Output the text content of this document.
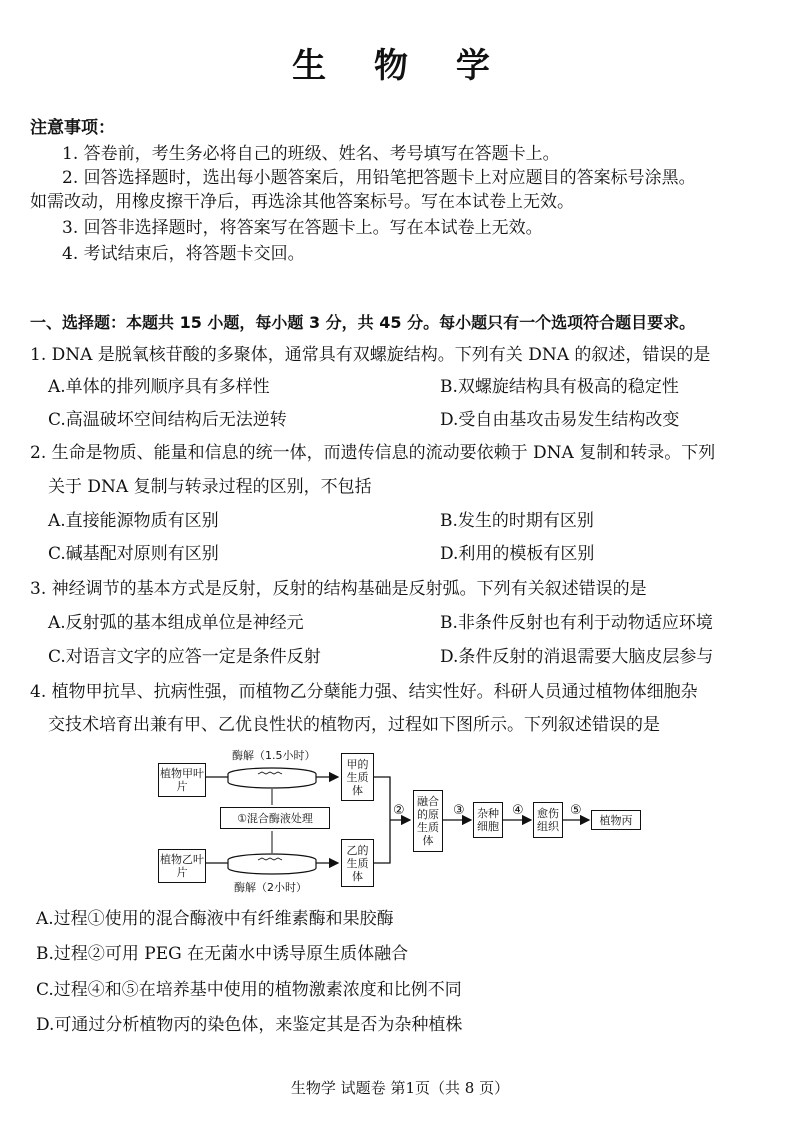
生 物 学
注意事项：
1. 答卷前，考生务必将自己的班级、姓名、考号填写在答题卡上。
2. 回答选择题时，选出每小题答案后，用铅笔把答题卡上对应题目的答案标号涂黑。
如需改动，用橡皮擦干净后，再选涂其他答案标号。写在本试卷上无效。
3. 回答非选择题时，将答案写在答题卡上。写在本试卷上无效。
4. 考试结束后，将答题卡交回。
一、选择题：本题共 15 小题，每小题 3 分，共 45 分。每小题只有一个选项符合题目要求。
1. DNA 是脱氧核苷酸的多聚体，通常具有双螺旋结构。下列有关 DNA 的叙述，错误的是
A.单体的排列顺序具有多样性	B.双螺旋结构具有极高的稳定性
C.高温破坏空间结构后无法逆转	D.受自由基攻击易发生结构改变
2. 生命是物质、能量和信息的统一体，而遗传信息的流动要依赖于 DNA 复制和转录。下列
关于 DNA 复制与转录过程的区别，不包括
A.直接能源物质有区别	B.发生的时期有区别
C.碱基配对原则有区别	D.利用的模板有区别
3. 神经调节的基本方式是反射，反射的结构基础是反射弧。下列有关叙述错误的是
A.反射弧的基本组成单位是神经元	B.非条件反射也有利于动物适应环境
C.对语言文字的应答一定是条件反射	D.条件反射的消退需要大脑皮层参与
4. 植物甲抗旱、抗病性强，而植物乙分蘖能力强、结实性好。科研人员通过植物体细胞杂
交技术培育出兼有甲、乙优良性状的植物丙，过程如下图所示。下列叙述错误的是
植物甲叶片
植物乙叶片
酶解（1.5小时）
酶解（2小时）
①混合酶液处理
甲的生质体
乙的生质体
②
融合的原生质体
③	杂种细胞
④	愈伤组织
⑤
植物丙
A.过程①使用的混合酶液中有纤维素酶和果胶酶
B.过程②可用 PEG 在无菌水中诱导原生质体融合
C.过程④和⑤在培养基中使用的植物激素浓度和比例不同
D.可通过分析植物丙的染色体，来鉴定其是否为杂种植株
生物学 试题卷 第1页（共 8 页）
